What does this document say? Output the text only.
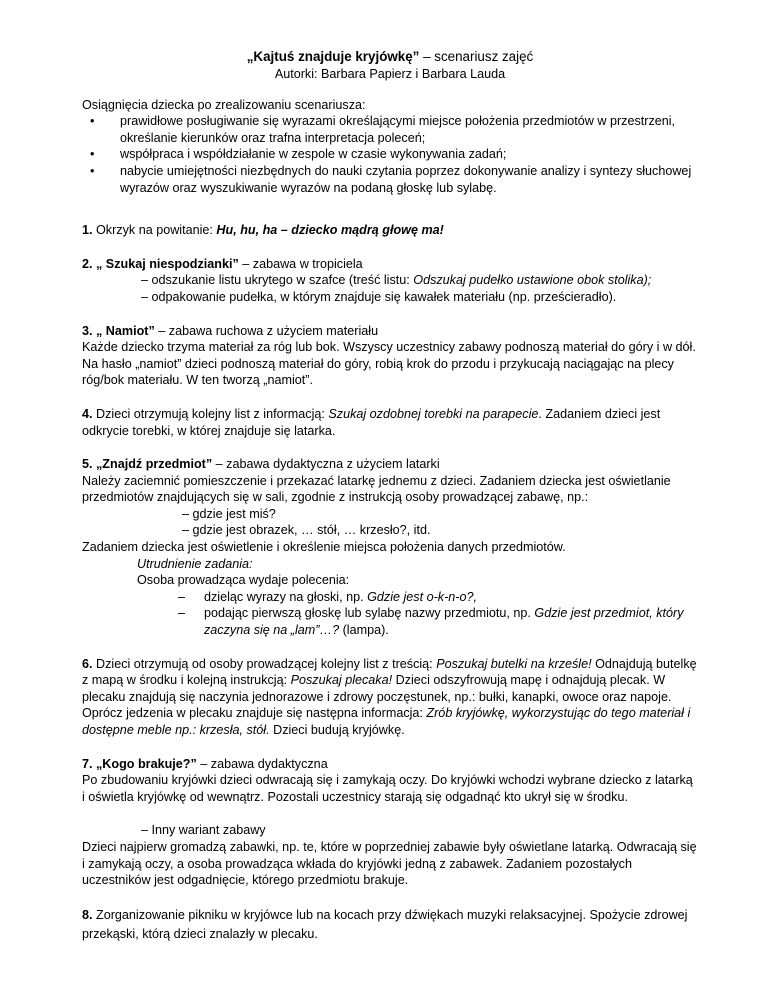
„Kajtuś znajduje kryjówkę” – scenariusz zajęć
Autorki: Barbara Papierz i Barbara Lauda

Osiągnięcia dziecka po zrealizowaniu scenariusza:

• prawidłowe posługiwanie się wyrazami określającymi miejsce położenia przedmiotów w przestrzeni, określanie kierunków oraz trafna interpretacja poleceń;
• współpraca i współdziałanie w zespole w czasie wykonywania zadań;
• nabycie umiejętności niezbędnych do nauki czytania poprzez dokonywanie analizy i syntezy słuchowej wyrazów oraz wyszukiwanie wyrazów na podaną głoskę lub sylabę.

1. Okrzyk na powitanie: Hu, hu, ha – dziecko mądrą głowę ma!

2. „ Szukaj niespodzianki” – zabawa w tropiciela

– odszukanie listu ukrytego w szafce (treść listu: Odszukaj pudełko ustawione obok stolika);

– odpakowanie pudełka, w którym znajduje się kawałek materiału (np. prześcieradło).

3. „ Namiot” – zabawa ruchowa z użyciem materiału

Każde dziecko trzyma materiał za róg lub bok. Wszyscy uczestnicy zabawy podnoszą materiał do góry i w dół. Na hasło „namiot” dzieci podnoszą materiał do góry, robią krok do przodu i przykucają naciągając na plecy róg/bok materiału. W ten tworzą „namiot”.

4. Dzieci otrzymują kolejny list z informacją: Szukaj ozdobnej torebki na parapecie. Zadaniem dzieci jest odkrycie torebki, w której znajduje się latarka.

5. „Znajdź przedmiot” – zabawa dydaktyczna z użyciem latarki

Należy zaciemnić pomieszczenie i przekazać latarkę jednemu z dzieci. Zadaniem dziecka jest oświetlanie przedmiotów znajdujących się w sali, zgodnie z instrukcją osoby prowadzącej zabawę, np.:

– gdzie jest miś?

– gdzie jest obrazek, … stół, … krzesło?, itd.

Zadaniem dziecka jest oświetlenie i określenie miejsca położenia danych przedmiotów.

Utrudnienie zadania:

Osoba prowadząca wydaje polecenia:

– dzieląc wyrazy na głoski, np. Gdzie jest o-k-n-o?,
– podając pierwszą głoskę lub sylabę nazwy przedmiotu, np. Gdzie jest przedmiot, który zaczyna się na „lam”…? (lampa).

6. Dzieci otrzymują od osoby prowadzącej kolejny list z treścią: Poszukaj butelki na krześle! Odnajdują butelkę z mapą w środku i kolejną instrukcją: Poszukaj plecaka! Dzieci odszyfrowują mapę i odnajdują plecak. W plecaku znajdują się naczynia jednorazowe i zdrowy poczęstunek, np.: bułki, kanapki, owoce oraz napoje. Oprócz jedzenia w plecaku znajduje się następna informacja: Zrób kryjówkę, wykorzystując do tego materiał i dostępne meble np.: krzesła, stół. Dzieci budują kryjówkę.

7. „Kogo brakuje?” – zabawa dydaktyczna

Po zbudowaniu kryjówki dzieci odwracają się i zamykają oczy. Do kryjówki wchodzi wybrane dziecko z latarką i oświetla kryjówkę od wewnątrz. Pozostali uczestnicy starają się odgadnąć kto ukrył się w środku.

– Inny wariant zabawy

Dzieci najpierw gromadzą zabawki, np. te, które w poprzedniej zabawie były oświetlane latarką. Odwracają się i zamykają oczy, a osoba prowadząca wkłada do kryjówki jedną z zabawek. Zadaniem pozostałych uczestników jest odgadnięcie, którego przedmiotu brakuje.

8. Zorganizowanie pikniku w kryjówce lub na kocach przy dźwiękach muzyki relaksacyjnej. Spożycie zdrowej przekąski, którą dzieci znalazły w plecaku.
